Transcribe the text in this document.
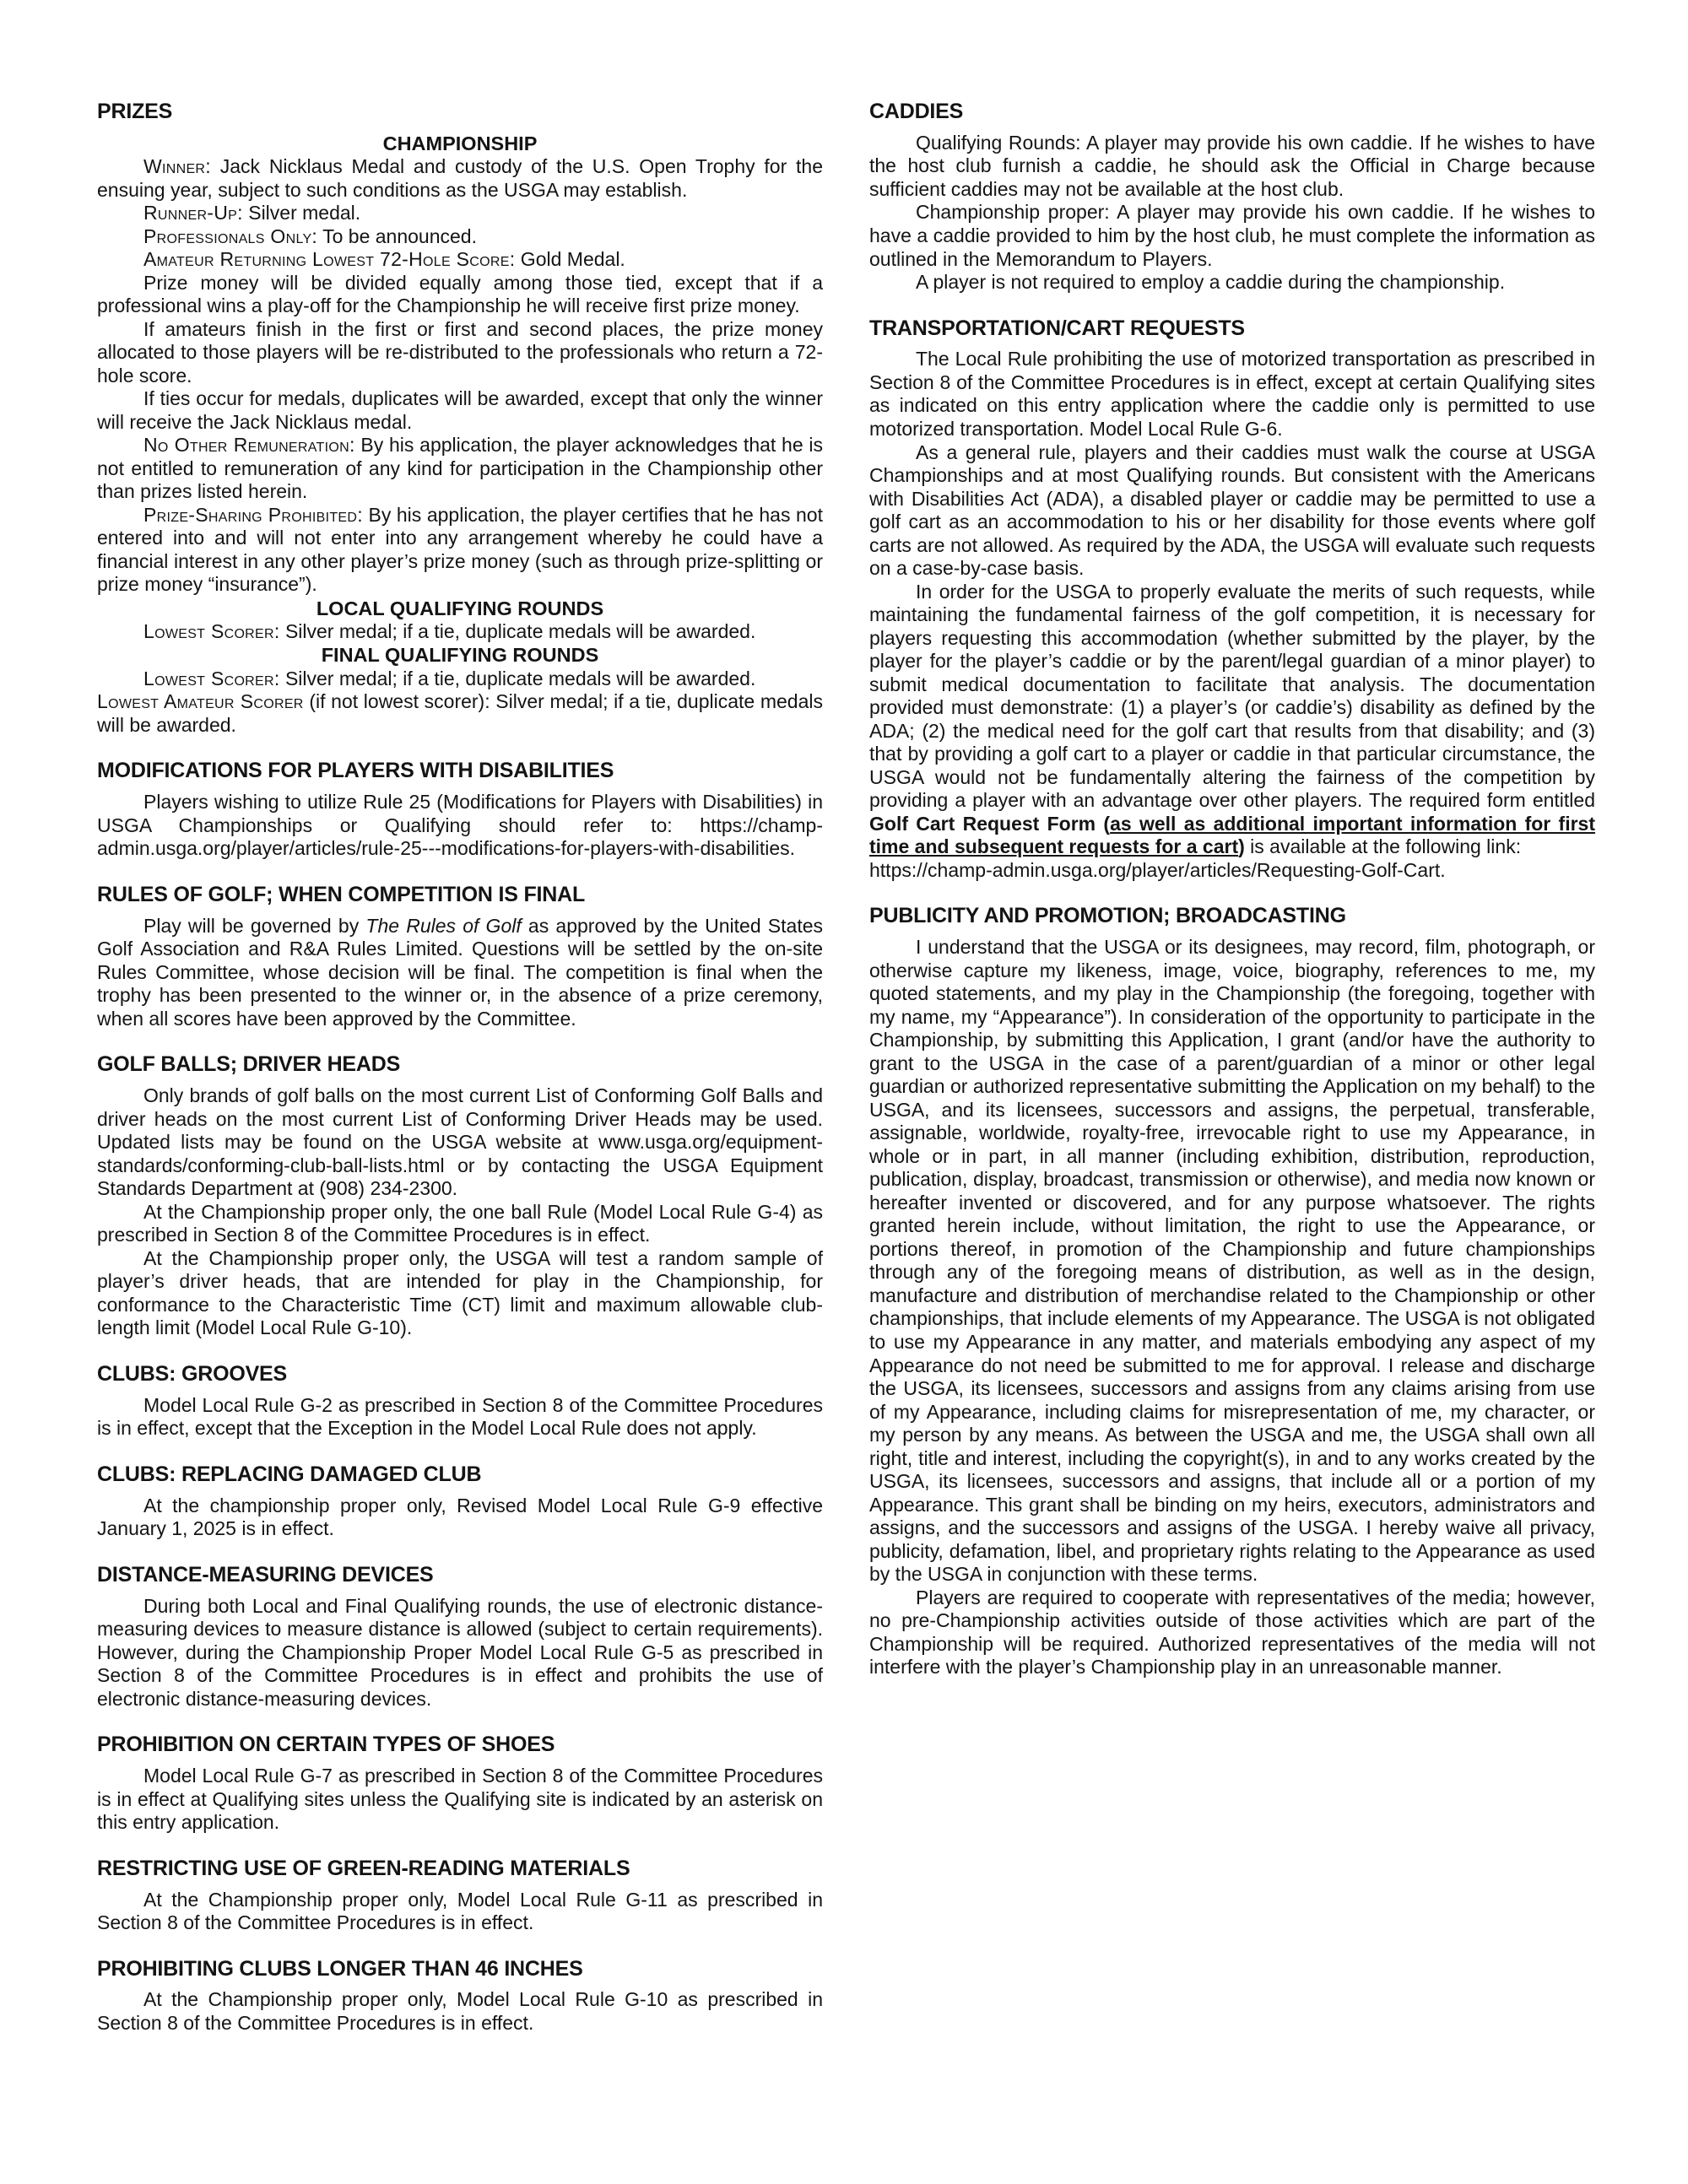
PRIZES
CHAMPIONSHIP
Winner: Jack Nicklaus Medal and custody of the U.S. Open Trophy for the ensuing year, subject to such conditions as the USGA may establish.
Runner-Up: Silver medal.
Professionals Only: To be announced.
Amateur Returning Lowest 72-Hole Score: Gold Medal.
Prize money will be divided equally among those tied, except that if a professional wins a play-off for the Championship he will receive first prize money.
If amateurs finish in the first or first and second places, the prize money allocated to those players will be re-distributed to the professionals who return a 72-hole score.
If ties occur for medals, duplicates will be awarded, except that only the winner will receive the Jack Nicklaus medal.
No Other Remuneration: By his application, the player acknowledges that he is not entitled to remuneration of any kind for participation in the Championship other than prizes listed herein.
Prize-Sharing Prohibited: By his application, the player certifies that he has not entered into and will not enter into any arrangement whereby he could have a financial interest in any other player’s prize money (such as through prize-splitting or prize money “insurance”).
LOCAL QUALIFYING ROUNDS
Lowest Scorer: Silver medal; if a tie, duplicate medals will be awarded.
FINAL QUALIFYING ROUNDS
Lowest Scorer: Silver medal; if a tie, duplicate medals will be awarded.
Lowest Amateur Scorer (if not lowest scorer): Silver medal; if a tie, duplicate medals will be awarded.
MODIFICATIONS FOR PLAYERS WITH DISABILITIES
Players wishing to utilize Rule 25 (Modifications for Players with Disabilities) in USGA Championships or Qualifying should refer to: https://champ-admin.usga.org/player/articles/rule-25---modifications-for-players-with-disabilities.
RULES OF GOLF; WHEN COMPETITION IS FINAL
Play will be governed by The Rules of Golf as approved by the United States Golf Association and R&A Rules Limited. Questions will be settled by the on-site Rules Committee, whose decision will be final. The competition is final when the trophy has been presented to the winner or, in the absence of a prize ceremony, when all scores have been approved by the Committee.
GOLF BALLS; DRIVER HEADS
Only brands of golf balls on the most current List of Conforming Golf Balls and driver heads on the most current List of Conforming Driver Heads may be used. Updated lists may be found on the USGA website at www.usga.org/equipment-standards/conforming-club-ball-lists.html or by contacting the USGA Equipment Standards Department at (908) 234-2300.
At the Championship proper only, the one ball Rule (Model Local Rule G-4) as prescribed in Section 8 of the Committee Procedures is in effect.
At the Championship proper only, the USGA will test a random sample of player’s driver heads, that are intended for play in the Championship, for conformance to the Characteristic Time (CT) limit and maximum allowable club-length limit (Model Local Rule G-10).
CLUBS: GROOVES
Model Local Rule G-2 as prescribed in Section 8 of the Committee Procedures is in effect, except that the Exception in the Model Local Rule does not apply.
CLUBS: REPLACING DAMAGED CLUB
At the championship proper only, Revised Model Local Rule G-9 effective January 1, 2025 is in effect.
DISTANCE-MEASURING DEVICES
During both Local and Final Qualifying rounds, the use of electronic distance-measuring devices to measure distance is allowed (subject to certain requirements). However, during the Championship Proper Model Local Rule G-5 as prescribed in Section 8 of the Committee Procedures is in effect and prohibits the use of electronic distance-measuring devices.
PROHIBITION ON CERTAIN TYPES OF SHOES
Model Local Rule G-7 as prescribed in Section 8 of the Committee Procedures is in effect at Qualifying sites unless the Qualifying site is indicated by an asterisk on this entry application.
RESTRICTING USE OF GREEN-READING MATERIALS
At the Championship proper only, Model Local Rule G-11 as prescribed in Section 8 of the Committee Procedures is in effect.
PROHIBITING CLUBS LONGER THAN 46 INCHES
At the Championship proper only, Model Local Rule G-10 as prescribed in Section 8 of the Committee Procedures is in effect.
CADDIES
Qualifying Rounds: A player may provide his own caddie. If he wishes to have the host club furnish a caddie, he should ask the Official in Charge because sufficient caddies may not be available at the host club.
Championship proper: A player may provide his own caddie. If he wishes to have a caddie provided to him by the host club, he must complete the information as outlined in the Memorandum to Players.
A player is not required to employ a caddie during the championship.
TRANSPORTATION/CART REQUESTS
The Local Rule prohibiting the use of motorized transportation as prescribed in Section 8 of the Committee Procedures is in effect, except at certain Qualifying sites as indicated on this entry application where the caddie only is permitted to use motorized transportation. Model Local Rule G-6.
As a general rule, players and their caddies must walk the course at USGA Championships and at most Qualifying rounds. But consistent with the Americans with Disabilities Act (ADA), a disabled player or caddie may be permitted to use a golf cart as an accommodation to his or her disability for those events where golf carts are not allowed. As required by the ADA, the USGA will evaluate such requests on a case-by-case basis.
In order for the USGA to properly evaluate the merits of such requests, while maintaining the fundamental fairness of the golf competition, it is necessary for players requesting this accommodation (whether submitted by the player, by the player for the player’s caddie or by the parent/legal guardian of a minor player) to submit medical documentation to facilitate that analysis. The documentation provided must demonstrate: (1) a player’s (or caddie’s) disability as defined by the ADA; (2) the medical need for the golf cart that results from that disability; and (3) that by providing a golf cart to a player or caddie in that particular circumstance, the USGA would not be fundamentally altering the fairness of the competition by providing a player with an advantage over other players. The required form entitled Golf Cart Request Form (as well as additional important information for first time and subsequent requests for a cart) is available at the following link:
https://champ-admin.usga.org/player/articles/Requesting-Golf-Cart.
PUBLICITY AND PROMOTION; BROADCASTING
I understand that the USGA or its designees, may record, film, photograph, or otherwise capture my likeness, image, voice, biography, references to me, my quoted statements, and my play in the Championship (the foregoing, together with my name, my “Appearance”). In consideration of the opportunity to participate in the Championship, by submitting this Application, I grant (and/or have the authority to grant to the USGA in the case of a parent/guardian of a minor or other legal guardian or authorized representative submitting the Application on my behalf) to the USGA, and its licensees, successors and assigns, the perpetual, transferable, assignable, worldwide, royalty-free, irrevocable right to use my Appearance, in whole or in part, in all manner (including exhibition, distribution, reproduction, publication, display, broadcast, transmission or otherwise), and media now known or hereafter invented or discovered, and for any purpose whatsoever. The rights granted herein include, without limitation, the right to use the Appearance, or portions thereof, in promotion of the Championship and future championships through any of the foregoing means of distribution, as well as in the design, manufacture and distribution of merchandise related to the Championship or other championships, that include elements of my Appearance. The USGA is not obligated to use my Appearance in any matter, and materials embodying any aspect of my Appearance do not need be submitted to me for approval. I release and discharge the USGA, its licensees, successors and assigns from any claims arising from use of my Appearance, including claims for misrepresentation of me, my character, or my person by any means. As between the USGA and me, the USGA shall own all right, title and interest, including the copyright(s), in and to any works created by the USGA, its licensees, successors and assigns, that include all or a portion of my Appearance. This grant shall be binding on my heirs, executors, administrators and assigns, and the successors and assigns of the USGA. I hereby waive all privacy, publicity, defamation, libel, and proprietary rights relating to the Appearance as used by the USGA in conjunction with these terms.
Players are required to cooperate with representatives of the media; however, no pre-Championship activities outside of those activities which are part of the Championship will be required. Authorized representatives of the media will not interfere with the player’s Championship play in an unreasonable manner.
